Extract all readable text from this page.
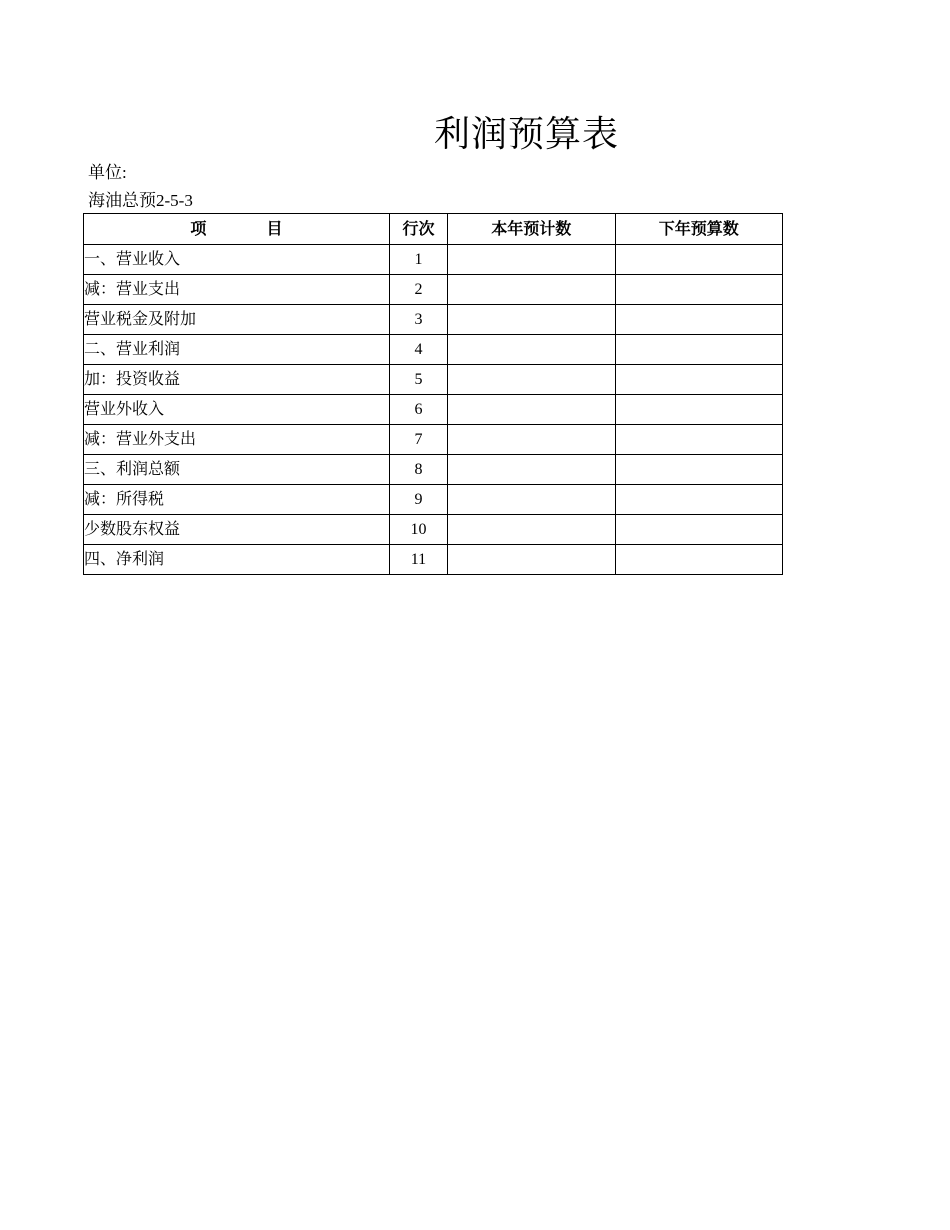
利润预算表
单位:
海油总预2-5-3
项 目	行次	本年预计数	下年预算数
一、营业收入	1		
减：营业支出	2		
营业税金及附加	3		
二、营业利润	4		
加：投资收益	5		
营业外收入	6		
减：营业外支出	7		
三、利润总额	8		
减：所得税	9		
少数股东权益	10		
四、净利润	11		
